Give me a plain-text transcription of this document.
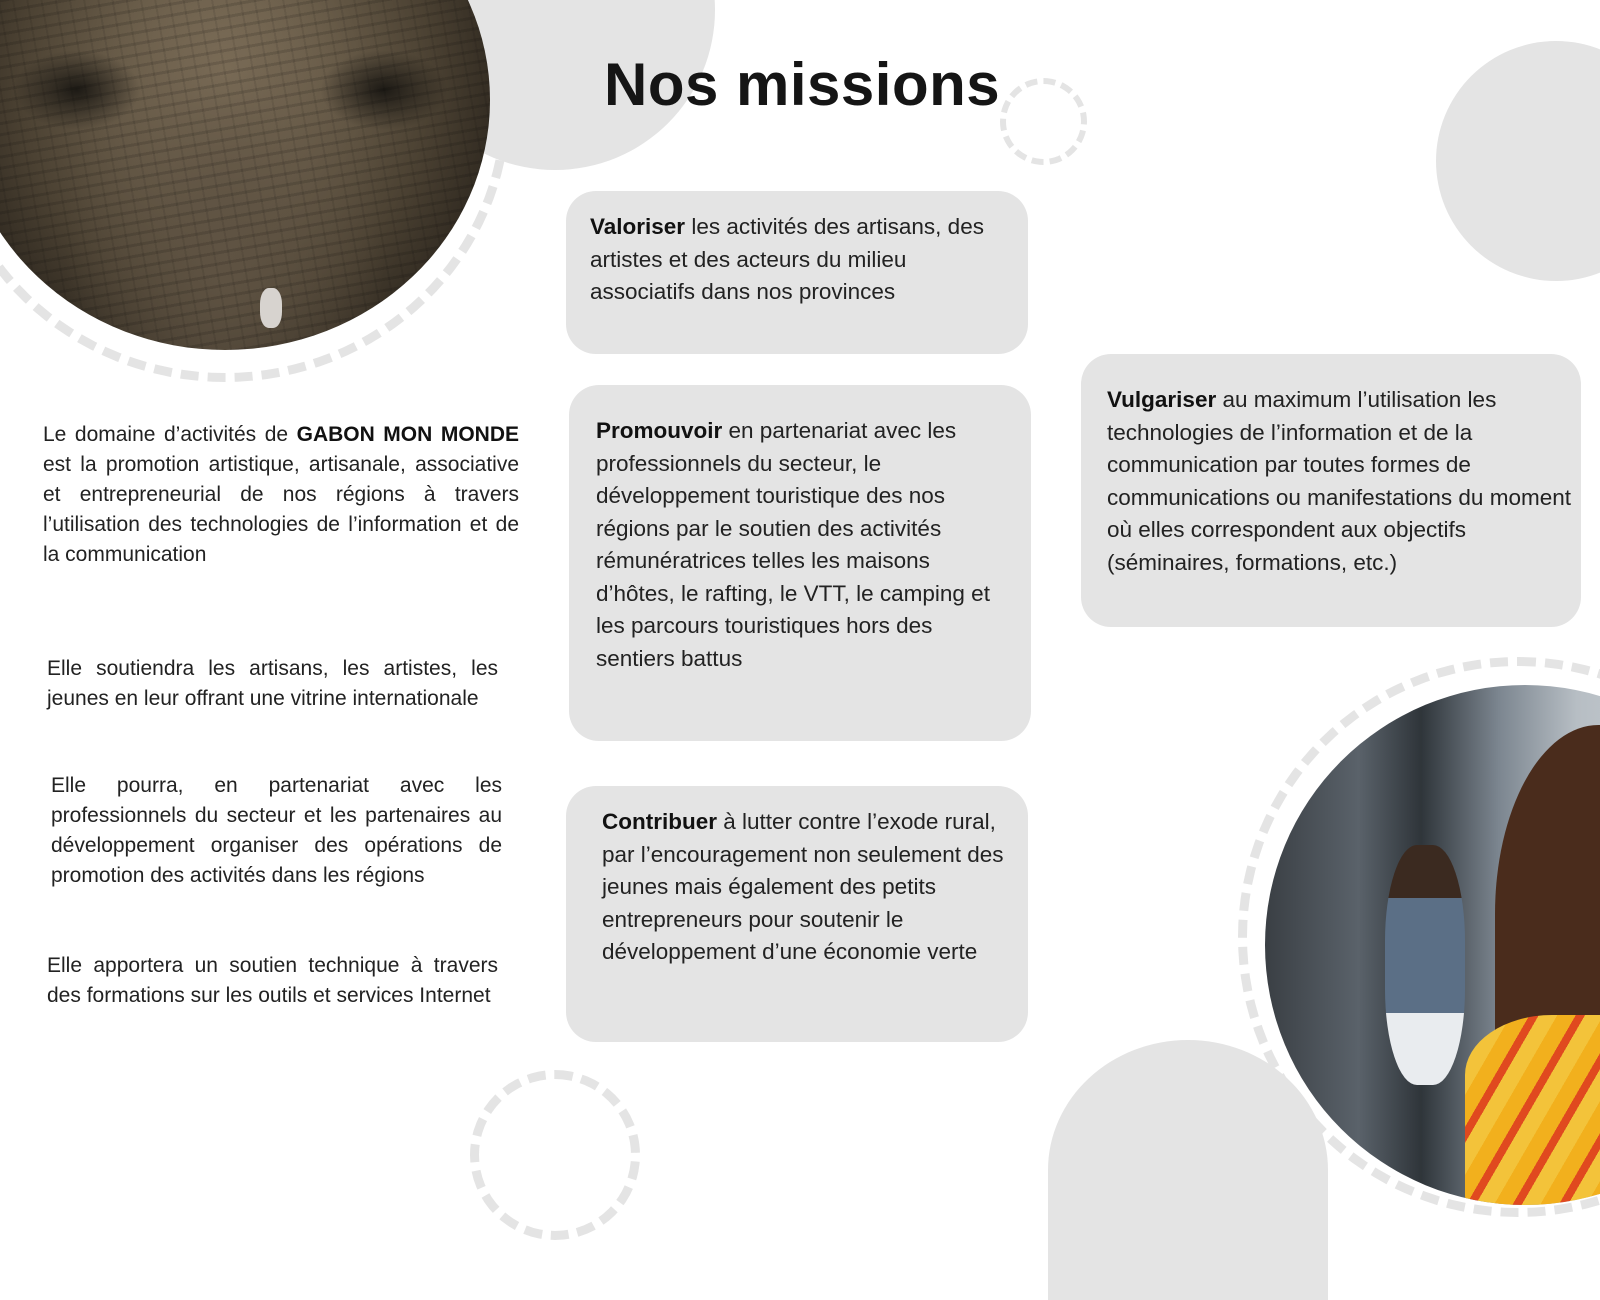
Nos missions

Le domaine d’activités de GABON MON MONDE est la promotion artistique, artisanale, associative et entrepreneurial de nos régions à travers l’utilisation des technologies de l’information et de la communication

Elle soutiendra les artisans, les artistes, les jeunes en leur offrant une vitrine internationale

Elle pourra, en partenariat avec les professionnels du secteur et les partenaires au développement organiser des opérations de promotion des activités dans les régions

Elle apportera un soutien technique à travers des formations sur les outils et services Internet

Valoriser les activités des artisans, des artistes et des acteurs du milieu associatifs dans nos provinces

Promouvoir en partenariat avec les professionnels du secteur, le développement touristique des nos régions par le soutien des activités rémunératrices telles les maisons d’hôtes, le rafting, le VTT, le camping et les parcours touristiques hors des sentiers battus

Contribuer à lutter contre l’exode rural, par l’encouragement non seulement des jeunes mais également des petits entrepreneurs pour soutenir le développement d’une économie verte

Vulgariser au maximum l’utilisation les technologies de l’information et de la communication par toutes formes de communications ou manifestations du moment où elles correspondent aux objectifs (séminaires, formations, etc.)
